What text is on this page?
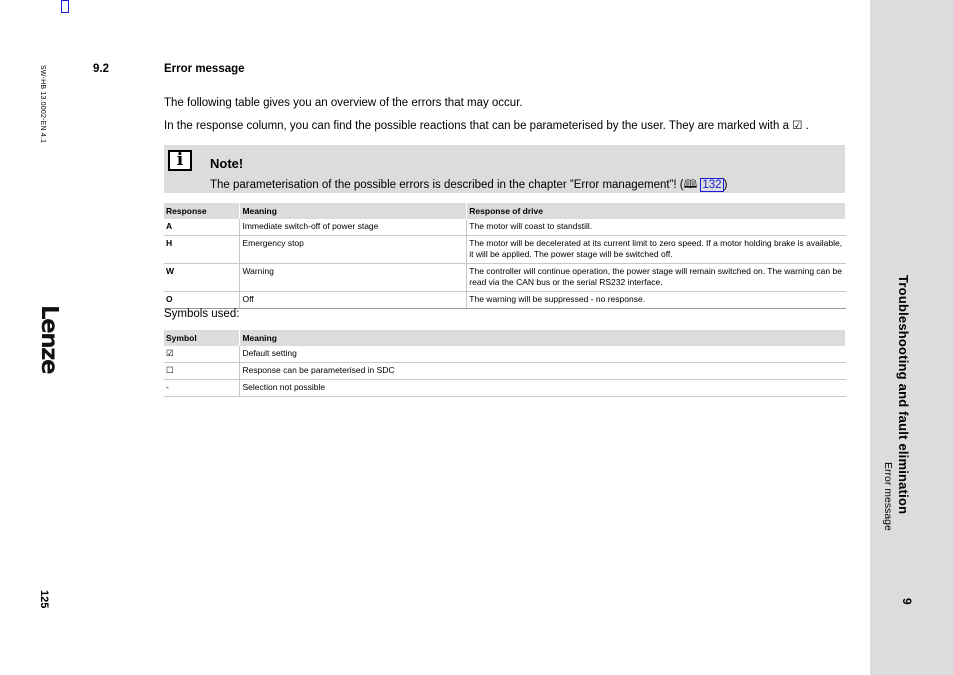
SW-HB 13.0002-EN 4.1
Lenze
125
Troubleshooting and fault elimination
Error message
9
9.2	Error message
The following table gives you an overview of the errors that may occur.
In the response column, you can find the possible reactions that can be parameterised by the user. They are marked with a ☑ .
i	Note!
The parameterisation of the possible errors is described in the chapter ”Error management”! (🕮 132 )
Response	Meaning	Response of drive
A	Immediate switch-off of power stage	The motor will coast to standstill.
H	Emergency stop	The motor will be decelerated at its current limit to zero speed. If a motor holding brake is available, it will be applied. The power stage will be switched off.
W	Warning	The controller will continue operation, the power stage will remain switched on. The warning can be read via the CAN bus or the serial RS232 interface.
O	Off	The warning will be suppressed - no response.
Symbols used:
Symbol	Meaning
☑	Default setting
☐	Response can be parameterised in SDC
-	Selection not possible
